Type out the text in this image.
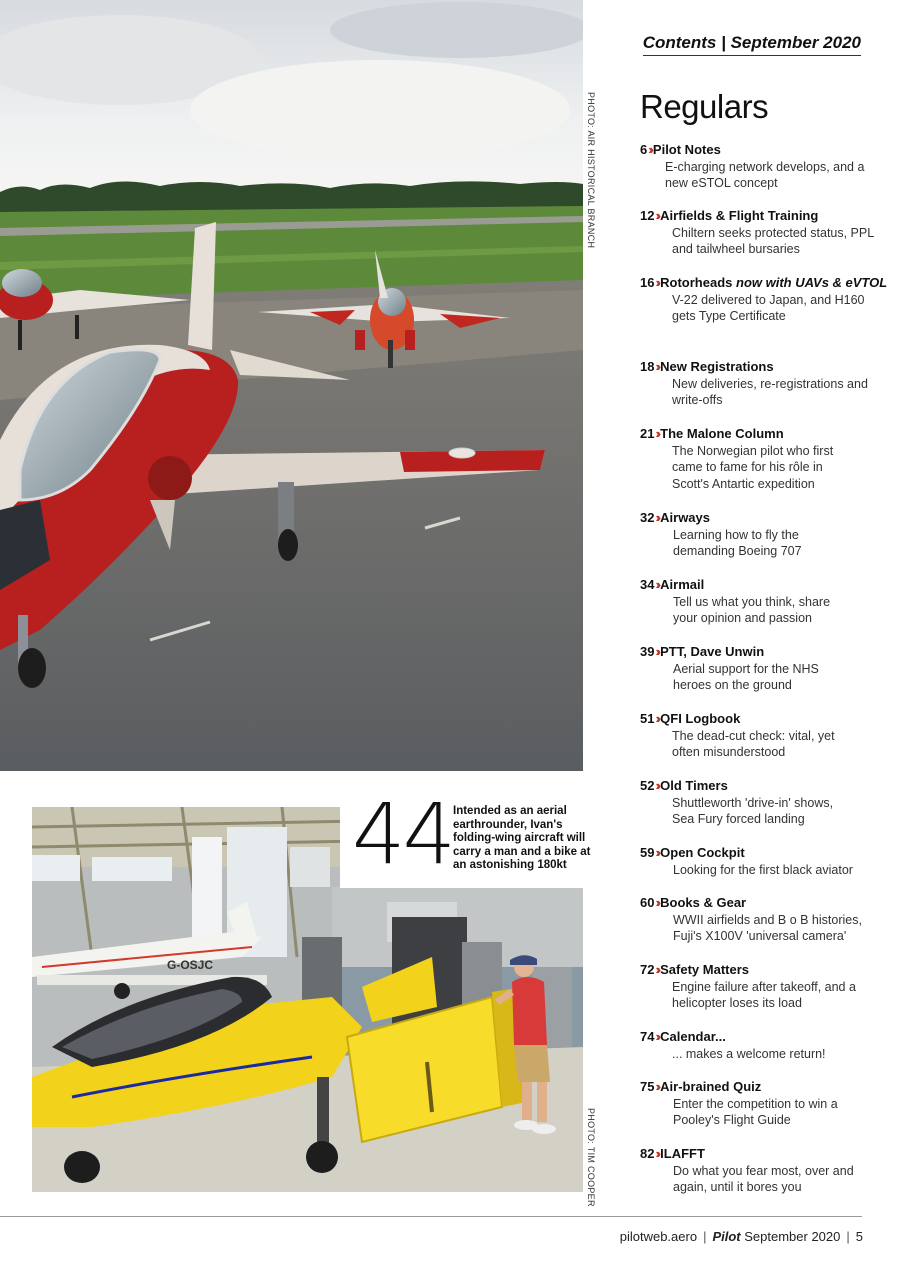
PHOTO: AIR HISTORICAL BRANCH
G-OSJC
PHOTO: TIM COOPER
44 Intended as an aerial earthrounder, Ivan's folding-wing aircraft will carry a man and a bike at an astonishing 180kt
Contents | September 2020
Regulars
6›› Pilot Notes
E-charging network develops, and a new eSTOL concept
12›› Airfields & Flight Training
Chiltern seeks protected status, PPL and tailwheel bursaries
16›› Rotorheads now with UAVs & eVTOL
V-22 delivered to Japan, and H160 gets Type Certificate
18›› New Registrations
New deliveries, re-registrations and write-offs
21›› The Malone Column
The Norwegian pilot who first came to fame for his rôle in Scott's Antartic expedition
32›› Airways
Learning how to fly the demanding Boeing 707
34›› Airmail
Tell us what you think, share your opinion and passion
39›› PTT, Dave Unwin
Aerial support for the NHS heroes on the ground
51›› QFI Logbook
The dead-cut check: vital, yet often misunderstood
52›› Old Timers
Shuttleworth 'drive-in' shows, Sea Fury forced landing
59›› Open Cockpit
Looking for the first black aviator
60›› Books & Gear
WWII airfields and B o B histories, Fuji's X100V 'universal camera'
72›› Safety Matters
Engine failure after takeoff, and a helicopter loses its load
74›› Calendar...
... makes a welcome return!
75›› Air-brained Quiz
Enter the competition to win a Pooley's Flight Guide
82›› ILAFFT
Do what you fear most, over and again, until it bores you
pilotweb.aero | Pilot September 2020 | 5
